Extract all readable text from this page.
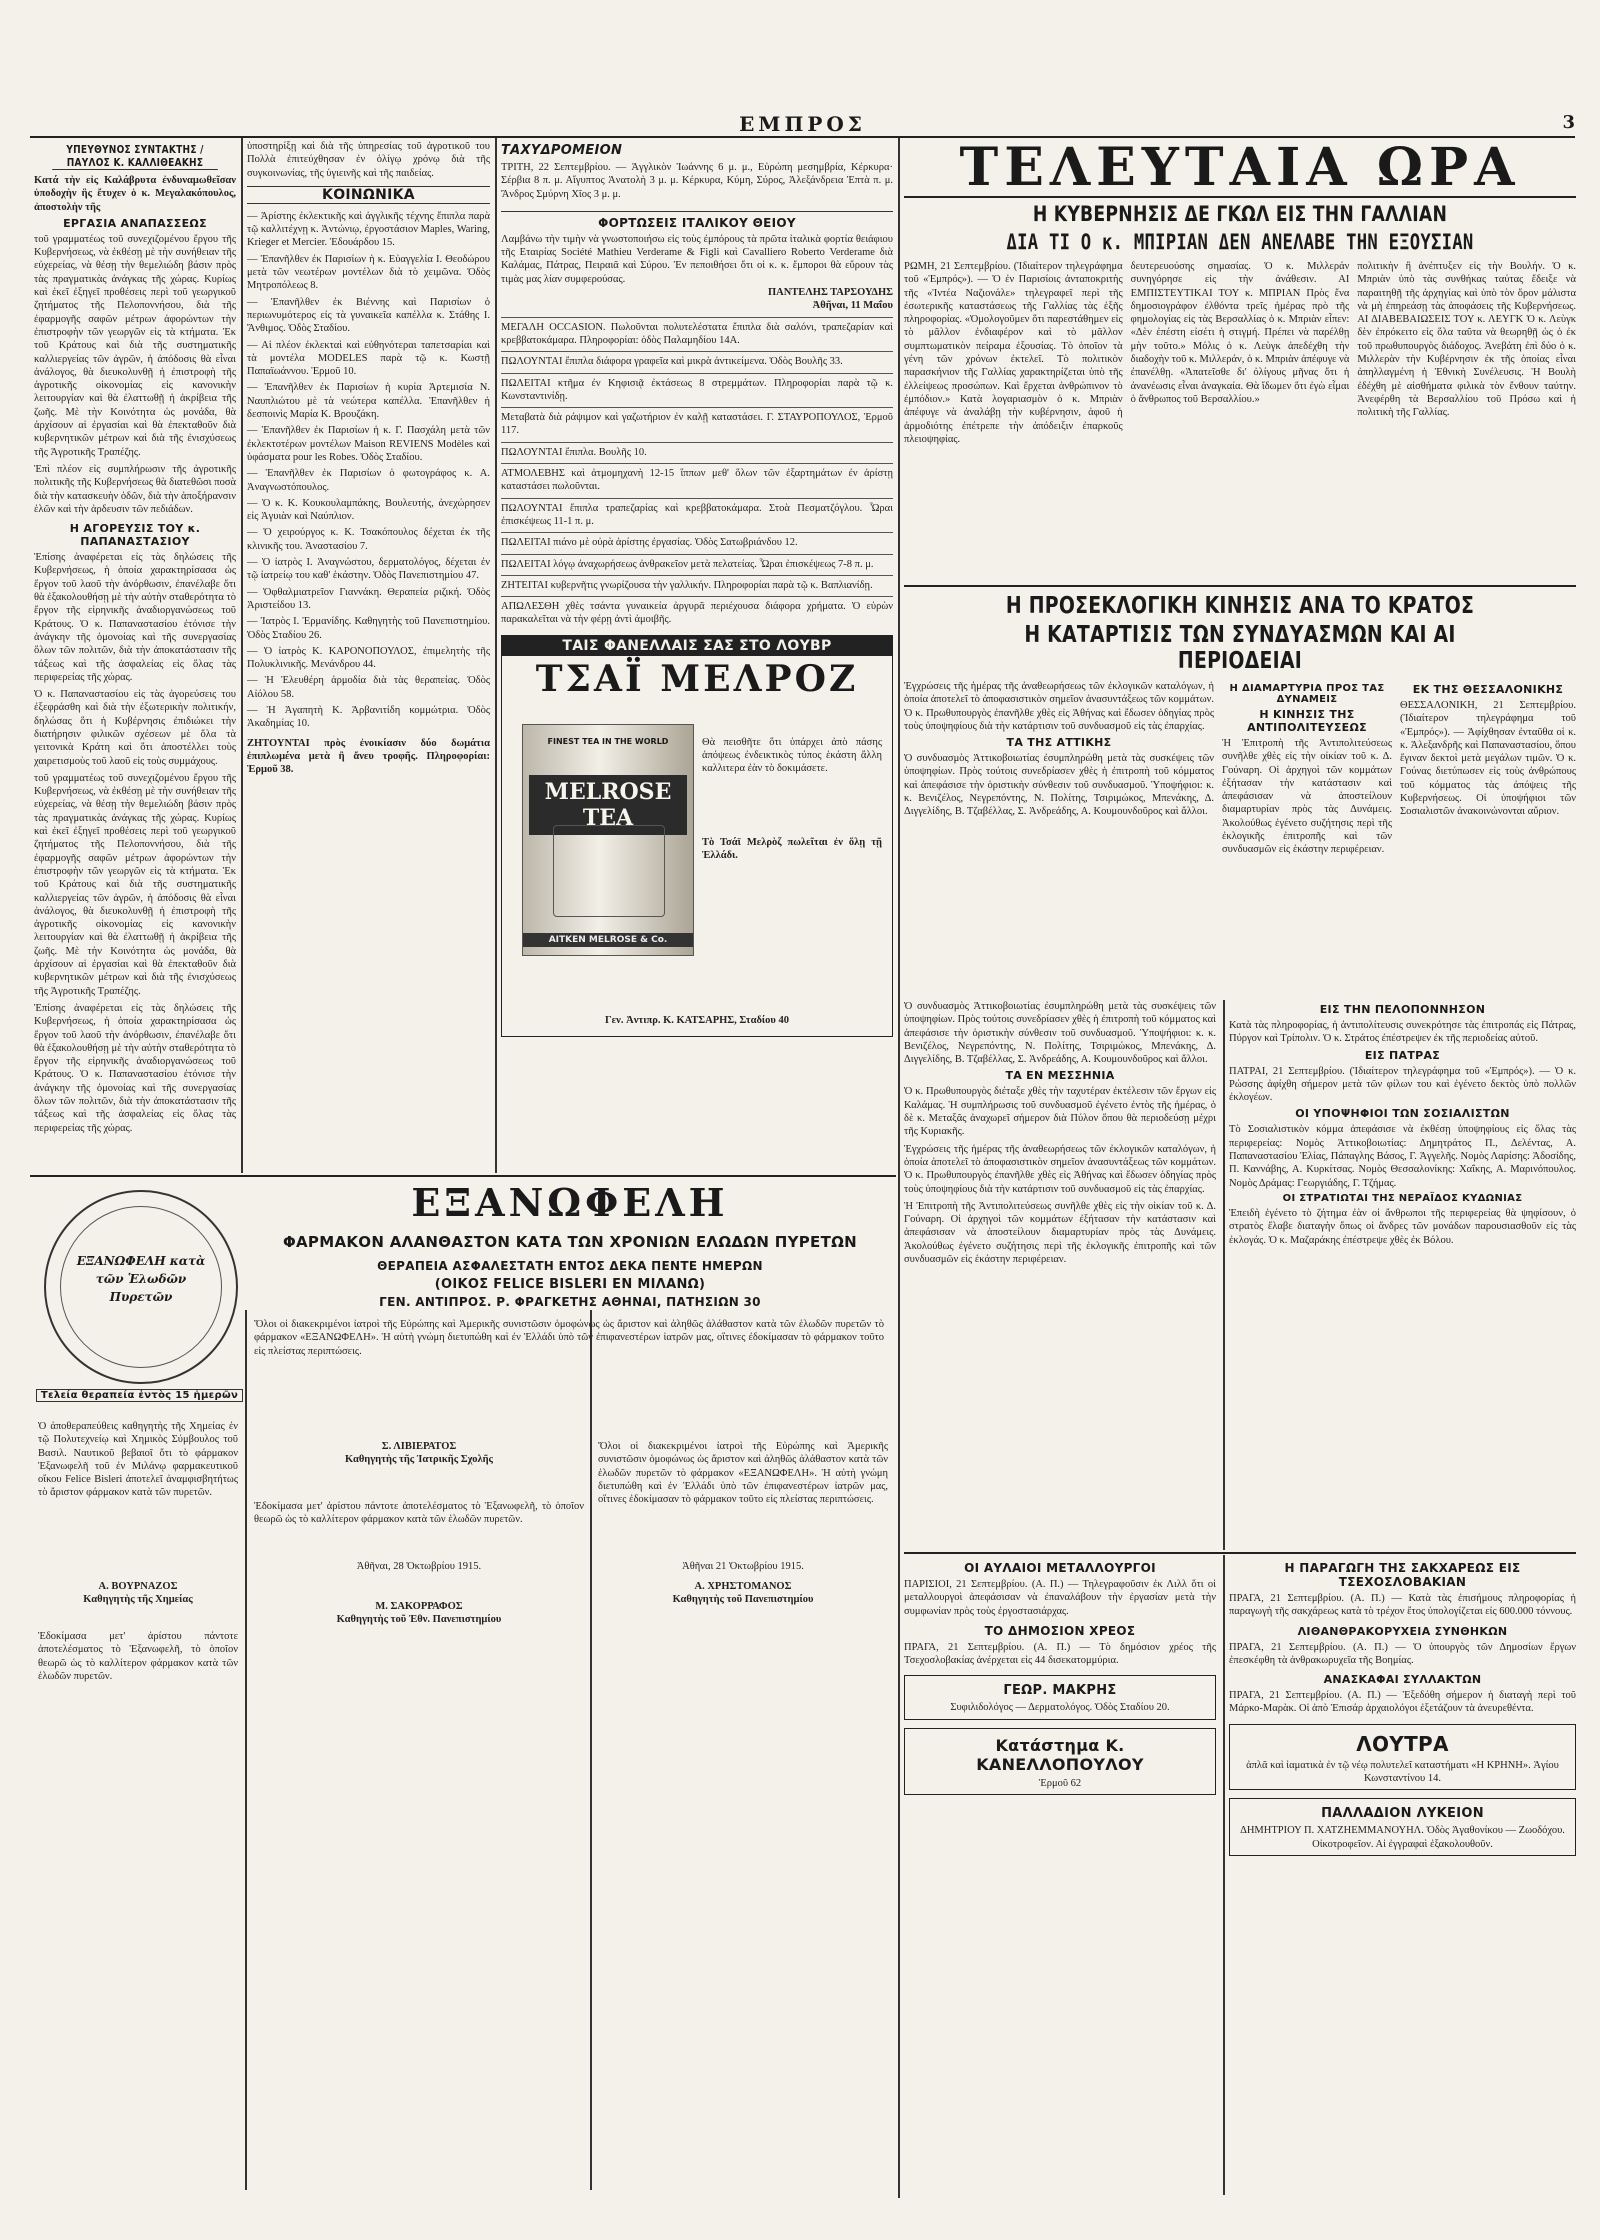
ΕΜΠΡΟΣ	3
ΥΠΕΥΘΥΝΟΣ ΣΥΝΤΑΚΤΗΣ / ΠΑΥΛΟΣ Κ. ΚΑΛΛΙΘΕΑΚΗΣ

Κατά τὴν εἰς Καλάβρυτα ἐνδυναμωθεῖσαν ὑποδοχὴν ἣς ἔτυχεν ὁ κ. Μεγαλακόπουλος, ἀποστολὴν τῆς

ΕΡΓΑΣΙΑ ΑΝΑΠΑΣΣΕΩΣ

τοῦ γραμματέως τοῦ συνεχιζομένου ἔργου τῆς Κυβερνήσεως, νὰ ἐκθέσῃ μὲ τὴν συνήθειαν τῆς εὐχερείας, νὰ θέσῃ τὴν θεμελιώδη βάσιν πρὸς τὰς πραγματικὰς ἀνάγκας τῆς χώρας. Κυρίως καὶ ἐκεῖ ἐξηγεῖ προθέσεις περὶ τοῦ γεωργικοῦ ζητήματος τῆς Πελοποννήσου, διὰ τῆς ἐφαρμογῆς σαφῶν μέτρων ἀφορώντων τὴν ἐπιστροφὴν τῶν γεωργῶν εἰς τὰ κτήματα. Ἐκ τοῦ Κράτους καὶ διὰ τῆς συστηματικῆς καλλιεργείας τῶν ἀγρῶν, ἡ ἀπόδοσις θὰ εἶναι ἀνάλογος, θὰ διευκολυνθῇ ἡ ἐπιστροφὴ τῆς ἀγροτικῆς οἰκονομίας εἰς κανονικὴν λειτουργίαν καὶ θὰ ἐλαττωθῇ ἡ ἀκρίβεια τῆς ζωῆς. Μὲ τὴν Κοινότητα ὡς μονάδα, θὰ ἀρχίσουν αἱ ἐργασίαι καὶ θὰ ἐπεκταθοῦν διὰ κυβερνητικῶν μέτρων καὶ διὰ τῆς ἐνισχύσεως τῆς Ἀγροτικῆς Τραπέζης.

Ἐπὶ πλέον εἰς συμπλήρωσιν τῆς ἀγροτικῆς πολιτικῆς τῆς Κυβερνήσεως θὰ διατεθῶσι ποσὰ διὰ τὴν κατασκευὴν ὁδῶν, διὰ τὴν ἀποξήρανσιν ἑλῶν καὶ τὴν ἀρδευσιν τῶν πεδιάδων.

Η ΑΓΟΡΕΥΣΙΣ ΤΟΥ κ. ΠΑΠΑΝΑΣΤΑΣΙΟΥ

Ἐπίσης ἀναφέρεται εἰς τὰς δηλώσεις τῆς Κυβερνήσεως, ἡ ὁποία χαρακτηρίσασα ὡς ἔργον τοῦ λαοῦ τὴν ἀνόρθωσιν, ἐπανέλαβε ὅτι θὰ ἐξακολουθήσῃ μὲ τὴν αὐτὴν σταθερότητα τὸ ἔργον τῆς εἰρηνικῆς ἀναδιοργανώσεως τοῦ Κράτους. Ὁ κ. Παπαναστασίου ἐτόνισε τὴν ἀνάγκην τῆς ὁμονοίας καὶ τῆς συνεργασίας ὅλων τῶν πολιτῶν, διὰ τὴν ἀποκατάστασιν τῆς τάξεως καὶ τῆς ἀσφαλείας εἰς ὅλας τὰς περιφερείας τῆς χώρας.

Ὁ κ. Παπαναστασίου εἰς τὰς ἀγορεύσεις του ἐξεφράσθη καὶ διὰ τὴν ἐξωτερικὴν πολιτικήν, δηλώσας ὅτι ἡ Κυβέρνησις ἐπιδιώκει τὴν διατήρησιν φιλικῶν σχέσεων μὲ ὅλα τὰ γειτονικὰ Κράτη καὶ ὅτι ἀποστέλλει τοὺς χαιρετισμοὺς τοῦ λαοῦ εἰς τοὺς συμμάχους.

τοῦ γραμματέως τοῦ συνεχιζομένου ἔργου τῆς Κυβερνήσεως, νὰ ἐκθέσῃ μὲ τὴν συνήθειαν τῆς εὐχερείας, νὰ θέσῃ τὴν θεμελιώδη βάσιν πρὸς τὰς πραγματικὰς ἀνάγκας τῆς χώρας. Κυρίως καὶ ἐκεῖ ἐξηγεῖ προθέσεις περὶ τοῦ γεωργικοῦ ζητήματος τῆς Πελοποννήσου, διὰ τῆς ἐφαρμογῆς σαφῶν μέτρων ἀφορώντων τὴν ἐπιστροφὴν τῶν γεωργῶν εἰς τὰ κτήματα. Ἐκ τοῦ Κράτους καὶ διὰ τῆς συστηματικῆς καλλιεργείας τῶν ἀγρῶν, ἡ ἀπόδοσις θὰ εἶναι ἀνάλογος, θὰ διευκολυνθῇ ἡ ἐπιστροφὴ τῆς ἀγροτικῆς οἰκονομίας εἰς κανονικὴν λειτουργίαν καὶ θὰ ἐλαττωθῇ ἡ ἀκρίβεια τῆς ζωῆς. Μὲ τὴν Κοινότητα ὡς μονάδα, θὰ ἀρχίσουν αἱ ἐργασίαι καὶ θὰ ἐπεκταθοῦν διὰ κυβερνητικῶν μέτρων καὶ διὰ τῆς ἐνισχύσεως τῆς Ἀγροτικῆς Τραπέζης.

Ἐπίσης ἀναφέρεται εἰς τὰς δηλώσεις τῆς Κυβερνήσεως, ἡ ὁποία χαρακτηρίσασα ὡς ἔργον τοῦ λαοῦ τὴν ἀνόρθωσιν, ἐπανέλαβε ὅτι θὰ ἐξακολουθήσῃ μὲ τὴν αὐτὴν σταθερότητα τὸ ἔργον τῆς εἰρηνικῆς ἀναδιοργανώσεως τοῦ Κράτους. Ὁ κ. Παπαναστασίου ἐτόνισε τὴν ἀνάγκην τῆς ὁμονοίας καὶ τῆς συνεργασίας ὅλων τῶν πολιτῶν, διὰ τὴν ἀποκατάστασιν τῆς τάξεως καὶ τῆς ἀσφαλείας εἰς ὅλας τὰς περιφερείας τῆς χώρας.

ὑποστηρίξῃ καὶ διὰ τῆς ὑπηρεσίας τοῦ ἀγροτικοῦ του Πολλὰ ἐπιτεύχθησαν ἐν ὁλίγῳ χρόνῳ διὰ τῆς συγκοινωνίας, τῆς ὑγιεινῆς καὶ τῆς παιδείας.

ΚΟΙΝΩΝΙΚΑ

— Ἀρίστης ἐκλεκτικῆς καὶ ἀγγλικῆς τέχνης ἔπιπλα παρὰ τῷ καλλιτέχνῃ κ. Ἀντώνιῳ, ἐργοστάσιον Maples, Waring, Krieger et Mercier. Ἐδουάρδου 15.

— Ἐπανῆλθεν ἐκ Παρισίων ἡ κ. Εὐαγγελία Ι. Θεοδώρου μετὰ τῶν νεωτέρων μοντέλων διὰ τὸ χειμῶνα. Ὁδὸς Μητροπόλεως 8.

— Ἐπανῆλθεν ἐκ Βιέννης καὶ Παρισίων ὁ περιωνυμότερος εἰς τὰ γυναικεῖα καπέλλα κ. Στάθης Ι. Ἄνθιμος. Ὁδὸς Σταδίου.

— Αἱ πλέον ἐκλεκταὶ καὶ εὐθηνότεραι ταπετσαρίαι καὶ τὰ μοντέλα MODELES παρὰ τῷ κ. Κωστῇ Παπαϊωάννου. Ἑρμοῦ 10.

— Ἐπανῆλθεν ἐκ Παρισίων ἡ κυρία Ἀρτεμισία Ν. Ναυπλιώτου μὲ τὰ νεώτερα καπέλλα. Ἐπανῆλθεν ἡ δεσποινὶς Μαρία Κ. Βρουζάκη.

— Ἐπανῆλθεν ἐκ Παρισίων ἡ κ. Γ. Πασχάλη μετὰ τῶν ἐκλεκτοτέρων μοντέλων Maison REVIENS Modèles καὶ ὑφάσματα pour les Robes. Ὁδὸς Σταδίου.

— Ἐπανῆλθεν ἐκ Παρισίων ὁ φωτογράφος κ. Α. Ἀναγνωστόπουλος.

— Ὁ κ. Κ. Κουκουλαμπάκης, Βουλευτής, ἀνεχώρησεν εἰς Ἀγυιὰν καὶ Ναύπλιον.

— Ὁ χειρούργος κ. Κ. Τσακόπουλος δέχεται ἐκ τῆς κλινικῆς του. Ἀναστασίου 7.

— Ὁ ἰατρὸς Ι. Ἀναγνώστου, δερματολόγος, δέχεται ἐν τῷ ἰατρείῳ του καθ' ἑκάστην. Ὁδὸς Πανεπιστημίου 47.

— Ὀφθαλμιατρεῖον Γιαννάκη. Θεραπεία ριζική. Ὁδὸς Ἀριστείδου 13.

— Ἰατρὸς Ι. Ἐρμανίδης. Καθηγητὴς τοῦ Πανεπιστημίου. Ὁδὸς Σταδίου 26.

— Ὁ ἰατρὸς Κ. ΚΑΡΟΝΟΠΟΥΛΟΣ, ἐπιμελητὴς τῆς Πολυκλινικῆς. Μενάνδρου 44.

— Ἡ Ἐλευθέρη ἀρμοδία διὰ τὰς θεραπείας. Ὁδὸς Αἰόλου 58.

— Ἡ Ἀγαπητὴ Κ. Ἀρβανιτίδη κομμώτρια. Ὁδὸς Ἀκαδημίας 10.

ΖΗΤΟΥΝΤΑΙ πρὸς ἐνοικίασιν δύο δωμάτια ἐπιπλωμένα μετὰ ἢ ἄνευ τροφῆς. Πληροφορίαι: Ἑρμοῦ 38.

ΤΑΧΥΔΡΟΜΕΙΟΝ

ΤΡΙΤΗ, 22 Σεπτεμβρίου. — Ἀγγλικὸν Ἰωάννης 6 μ. μ., Εὐρώπη μεσημβρία, Κέρκυρα· Σέρβια 8 π. μ. Αἴγυπτος Ἀνατολὴ 3 μ. μ. Κέρκυρα, Κύμη, Σύρος, Ἀλεξάνδρεια Ἐπτὰ π. μ. Ἄνδρος Σμύρνη Χῖος 3 μ. μ.

ΦΟΡΤΩΣΕΙΣ ΙΤΑΛΙΚΟΥ ΘΕΙΟΥ

Λαμβάνω τὴν τιμὴν νὰ γνωστοποιήσω εἰς τοὺς ἐμπόρους τὰ πρῶτα ἰταλικὰ φορτία θειάφιου τῆς Εταιρίας Société Mathieu Verderame & Figli καὶ Cavalliero Roberto Verderame διὰ Καλάμας, Πάτρας, Πειραιᾶ καὶ Σύρου. Ἐν πεποιθήσει ὅτι οἱ κ. κ. ἔμποροι θὰ εὕρουν τὰς τιμὰς μας λίαν συμφερούσας.

ΠΑΝΤΕΛΗΣ ΤΑΡΣΟΥΔΗΣ
Ἀθῆναι, 11 Μαΐου

ΜΕΓΑΛΗ OCCASION. Πωλοῦνται πολυτελέστατα ἔπιπλα διὰ σαλόνι, τραπεζαρίαν καὶ κρεββατοκάμαρα. Πληροφορίαι: ὁδὸς Παλαμηδίου 14Α.

ΠΩΛΟΥΝΤΑΙ ἔπιπλα διάφορα γραφεῖα καὶ μικρὰ ἀντικείμενα. Ὁδὸς Βουλῆς 33.

ΠΩΛΕΙΤΑΙ κτῆμα ἐν Κηφισιᾷ ἐκτάσεως 8 στρεμμάτων. Πληροφορίαι παρὰ τῷ κ. Κωνσταντινίδῃ.

Μεταβατὰ διὰ ράψιμον καὶ γαζωτήριον ἐν καλῇ καταστάσει. Γ. ΣΤΑΥΡΟΠΟΥΛΟΣ, Ἑρμοῦ 117.

ΠΩΛΟΥΝΤΑΙ ἔπιπλα. Βουλῆς 10.

ΑΤΜΟΛΕΒΗΣ καὶ ἀτμομηχανὴ 12-15 ἵππων μεθ' ὅλων τῶν ἐξαρτημάτων ἐν ἀρίστῃ καταστάσει πωλοῦνται.

ΠΩΛΟΥΝΤΑΙ ἔπιπλα τραπεζαρίας καὶ κρεββατοκάμαρα. Στοὰ Πεσματζόγλου. Ὧραι ἐπισκέψεως 11-1 π. μ.

ΠΩΛΕΙΤΑΙ πιάνο μὲ οὐρὰ ἀρίστης ἐργασίας. Ὁδὸς Σατωβριάνδου 12.

ΠΩΛΕΙΤΑΙ λόγῳ ἀναχωρήσεως ἀνθρακεῖον μετὰ πελατείας. Ὧραι ἐπισκέψεως 7-8 π. μ.

ΖΗΤΕΙΤΑΙ κυβερνῆτις γνωρίζουσα τὴν γαλλικήν. Πληροφορίαι παρὰ τῷ κ. Βαπλιανίδῃ.

ΑΠΩΛΕΣΘΗ χθὲς τσάντα γυναικεία ἀργυρᾶ περιέχουσα διάφορα χρήματα. Ὁ εὑρὼν παρακαλεῖται νὰ τὴν φέρῃ ἀντὶ ἀμοιβῆς.

ΤΑΙΣ ΦΑΝΕΛΛΑΙΣ ΣΑΣ ΣΤΟ ΛΟΥΒΡ
ΤΣΑΪ ΜΕΛΡΟΖ
FINEST TEA IN THE WORLD
MELROSE TEA
AITKEN MELROSE & Co.

Θὰ πεισθῆτε ὅτι ὑπάρχει ἀπὸ πάσης ἀπόψεως ἐνδεικτικὸς τύπος ἑκάστη ἄλλη καλλιτερα ἐὰν τὸ δοκιμάσετε.

Τὸ Τσάϊ Μελρὸζ πωλεῖται ἐν ὅλῃ τῇ Ἑλλάδι.

Γεν. Ἀντιπρ. Κ. ΚΑΤΣΑΡΗΣ, Σταδίου 40

ΤΕΛΕΥΤΑΙΑ ΩΡΑ
Η ΚΥΒΕΡΝΗΣΙΣ ΔΕ ΓΚΩΛ ΕΙΣ ΤΗΝ ΓΑΛΛΙΑΝ
ΔΙΑ ΤΙ Ο κ. ΜΠΙΡΙΑΝ ΔΕΝ ΑΝΕΛΑΒΕ ΤΗΝ ΕΞΟΥΣΙΑΝ

ΡΩΜΗ, 21 Σεπτεμβρίου. (Ἰδιαίτερον τηλεγράφημα τοῦ «Ἐμπρός»). — Ὁ ἐν Παρισίοις ἀνταποκριτὴς τῆς «Ἰντέα Ναζιονάλε» τηλεγραφεῖ περὶ τῆς ἐσωτερικῆς καταστάσεως τῆς Γαλλίας τὰς ἑξῆς πληροφορίας. «Ὁμολογοῦμεν ὅτι παρεστάθημεν εἰς τὸ μᾶλλον ἐνδιαφέρον καὶ τὸ μᾶλλον συμπτωματικὸν πείραμα ἐξουσίας. Τὸ ὁποῖον τὰ γένη τῶν χρόνων ἐκτελεῖ. Τὸ πολιτικὸν παρασκήνιον τῆς Γαλλίας χαρακτηρίζεται ὑπὸ τῆς ἐλλείψεως προσώπων. Καὶ ἔρχεται ἀνθρώπινον τὸ ἐμπόδιον.» Κατὰ λογαριασμὸν ὁ κ. Μπριὰν ἀπέφυγε νὰ ἀναλάβῃ τὴν κυβέρνησιν, ἀφοῦ ἡ ἀρμοδιότης ἐπέτρεπε τὴν ἀπόδειξιν ἐπαρκοῦς πλειοψηφίας.

δευτερευούσης σημασίας. Ὁ κ. Μιλλεράν συνηγόρησε εἰς τὴν ἀνάθεσιν. ΑΙ ΕΜΠΙΣΤΕΥΤΙΚΑΙ ΤΟΥ κ. ΜΠΡΙΑΝ Πρὸς ἕνα δημοσιογράφον ἐλθόντα τρεῖς ἡμέρας πρὸ τῆς φημολογίας εἰς τὰς Βερσαλλίας ὁ κ. Μπριὰν εἶπεν: «Δὲν ἐπέστη εἰσέτι ἡ στιγμή. Πρέπει νὰ παρέλθῃ μὴν τοῦτο.» Μόλις ὁ κ. Λεὺγκ ἀπεδέχθη τὴν διαδοχὴν τοῦ κ. Μιλλεράν, ὁ κ. Μπριὰν ἀπέφυγε νὰ ἐπανέλθῃ. «Ἀπατεῖσθε δι' ὀλίγους μῆνας ὅτι ἡ ἀνανέωσις εἶναι ἀναγκαία. Θὰ ἴδωμεν ὅτι ἐγὼ εἶμαι ὁ ἄνθρωπος τοῦ Βερσαλλίου.»

πολιτικὴν ἢ ἀνέπτυξεν εἰς τὴν Βουλήν. Ὁ κ. Μπριὰν ὑπὸ τὰς συνθήκας ταύτας ἔδειξε νὰ παραιτηθῇ τῆς ἀρχηγίας καὶ ὑπὸ τὸν ὅρον μάλιστα νὰ μὴ ἐπηρεάσῃ τὰς ἀποφάσεις τῆς Κυβερνήσεως. ΑΙ ΔΙΑΒΕΒΑΙΩΣΕΙΣ ΤΟΥ κ. ΛΕΥΓΚ Ὁ κ. Λεὺγκ δὲν ἐπρόκειτο εἰς ὅλα ταῦτα νὰ θεωρηθῇ ὡς ὁ ἐκ τοῦ πρωθυπουργὸς διάδοχος. Ἀνεβάτη ἐπὶ δύο ὁ κ. Μιλλερὰν τὴν Κυβέρνησιν ἐκ τῆς ὁποίας εἶναι ἀπηλλαγμένη ἡ Ἐθνικὴ Συνέλευσις. Ἡ Βουλὴ ἐδέχθη μὲ αἰσθήματα φιλικὰ τὸν ἔνθουν ταύτην. Ἀνεφέρθη τὰ Βερσαλλίου τοῦ Πρόσω καὶ ἡ πολιτικὴ τῆς Γαλλίας.

Η ΠΡΟΣΕΚΛΟΓΙΚΗ ΚΙΝΗΣΙΣ ΑΝΑ ΤΟ ΚΡΑΤΟΣ
Η ΚΑΤΑΡΤΙΣΙΣ ΤΩΝ ΣΥΝΔΥΑΣΜΩΝ ΚΑΙ ΑΙ ΠΕΡΙΟΔΕΙΑΙ

Ἐγχρώσεις τῆς ἡμέρας τῆς ἀναθεωρήσεως τῶν ἐκλογικῶν καταλόγων, ἡ ὁποία ἀποτελεῖ τὸ ἀποφασιστικὸν σημεῖον ἀνασυντάξεως τῶν κομμάτων. Ὁ κ. Πρωθυπουργὸς ἐπανῆλθε χθὲς εἰς Ἀθήνας καὶ ἔδωσεν ὁδηγίας πρὸς τοὺς ὑποψηφίους διὰ τὴν κατάρτισιν τοῦ συνδυασμοῦ εἰς τὰς ἐπαρχίας.

ΤΑ ΤΗΣ ΑΤΤΙΚΗΣ

Ὁ συνδυασμὸς Ἀττικοβοιωτίας ἐσυμπληρώθη μετὰ τὰς συσκέψεις τῶν ὑποψηφίων. Πρὸς τούτοις συνεδρίασεν χθὲς ἡ ἐπιτροπὴ τοῦ κόμματος καὶ ἀπεφάσισε τὴν ὁριστικὴν σύνθεσιν τοῦ συνδυασμοῦ. Ὑποψήφιοι: κ. κ. Βενιζέλος, Νεγρεπόντης, Ν. Πολίτης, Τσιριμώκος, Μπενάκης, Δ. Διγγελίδης, Β. Τζαβέλλας, Σ. Ἀνδρεάδης, Α. Κουμουνδοῦρος καὶ ἄλλοι.

Η ΔΙΑΜΑΡΤΥΡΙΑ ΠΡΟΣ ΤΑΣ ΔΥΝΑΜΕΙΣ
Η ΚΙΝΗΣΙΣ ΤΗΣ ΑΝΤΙΠΟΛΙΤΕΥΣΕΩΣ

Ἡ Ἐπιτροπὴ τῆς Ἀντιπολιτεύσεως συνῆλθε χθὲς εἰς τὴν οἰκίαν τοῦ κ. Δ. Γούναρη. Οἱ ἀρχηγοὶ τῶν κομμάτων ἐξήτασαν τὴν κατάστασιν καὶ ἀπεφάσισαν νὰ ἀποστείλουν διαμαρτυρίαν πρὸς τὰς Δυνάμεις. Ἀκολούθως ἐγένετο συζήτησις περὶ τῆς ἐκλογικῆς ἐπιτροπῆς καὶ τῶν συνδυασμῶν εἰς ἑκάστην περιφέρειαν.

ΕΚ ΤΗΣ ΘΕΣΣΑΛΟΝΙΚΗΣ

ΘΕΣΣΑΛΟΝΙΚΗ, 21 Σεπτεμβρίου. (Ἰδιαίτερον τηλεγράφημα τοῦ «Ἐμπρός»). — Ἀφίχθησαν ἐνταῦθα οἱ κ. κ. Ἀλεξανδρῆς καὶ Παπαναστασίου, ὅπου ἔγιναν δεκτοὶ μετὰ μεγάλων τιμῶν. Ὁ κ. Γούνας διετύπωσεν εἰς τοὺς ἀνθρώπους τοῦ κόμματος τὰς ἀπόψεις τῆς Κυβερνήσεως. Οἱ ὑποψήφιοι τῶν Σοσιαλιστῶν ἀνακοινώνονται αὔριον.

Ὁ συνδυασμὸς Ἀττικοβοιωτίας ἐσυμπληρώθη μετὰ τὰς συσκέψεις τῶν ὑποψηφίων. Πρὸς τούτοις συνεδρίασεν χθὲς ἡ ἐπιτροπὴ τοῦ κόμματος καὶ ἀπεφάσισε τὴν ὁριστικὴν σύνθεσιν τοῦ συνδυασμοῦ. Ὑποψήφιοι: κ. κ. Βενιζέλος, Νεγρεπόντης, Ν. Πολίτης, Τσιριμώκος, Μπενάκης, Δ. Διγγελίδης, Β. Τζαβέλλας, Σ. Ἀνδρεάδης, Α. Κουμουνδοῦρος καὶ ἄλλοι.

ΤΑ ΕΝ ΜΕΣΣΗΝΙΑ

Ὁ κ. Πρωθυπουργὸς διέταξε χθὲς τὴν ταχυτέραν ἐκτέλεσιν τῶν ἔργων εἰς Καλάμας. Ἡ συμπλήρωσις τοῦ συνδυασμοῦ ἐγένετο ἐντὸς τῆς ἡμέρας, ὁ δὲ κ. Μεταξᾶς ἀναχωρεῖ σήμερον διὰ Πύλον ὅπου θὰ περιοδεύσῃ μέχρι τῆς Κυριακῆς.

Ἐγχρώσεις τῆς ἡμέρας τῆς ἀναθεωρήσεως τῶν ἐκλογικῶν καταλόγων, ἡ ὁποία ἀποτελεῖ τὸ ἀποφασιστικὸν σημεῖον ἀνασυντάξεως τῶν κομμάτων. Ὁ κ. Πρωθυπουργὸς ἐπανῆλθε χθὲς εἰς Ἀθήνας καὶ ἔδωσεν ὁδηγίας πρὸς τοὺς ὑποψηφίους διὰ τὴν κατάρτισιν τοῦ συνδυασμοῦ εἰς τὰς ἐπαρχίας.

Ἡ Ἐπιτροπὴ τῆς Ἀντιπολιτεύσεως συνῆλθε χθὲς εἰς τὴν οἰκίαν τοῦ κ. Δ. Γούναρη. Οἱ ἀρχηγοὶ τῶν κομμάτων ἐξήτασαν τὴν κατάστασιν καὶ ἀπεφάσισαν νὰ ἀποστείλουν διαμαρτυρίαν πρὸς τὰς Δυνάμεις. Ἀκολούθως ἐγένετο συζήτησις περὶ τῆς ἐκλογικῆς ἐπιτροπῆς καὶ τῶν συνδυασμῶν εἰς ἑκάστην περιφέρειαν.

ΕΙΣ ΤΗΝ ΠΕΛΟΠΟΝΝΗΣΟΝ

Κατὰ τὰς πληροφορίας, ἡ ἀντιπολίτευσις συνεκρότησε τὰς ἐπιτροπάς εἰς Πάτρας, Πύργον καὶ Τρίπολιν. Ὁ κ. Στράτος ἐπέστρεψεν ἐκ τῆς περιοδείας αὐτοῦ.

ΕΙΣ ΠΑΤΡΑΣ

ΠΑΤΡΑΙ, 21 Σεπτεμβρίου. (Ἰδιαίτερον τηλεγράφημα τοῦ «Ἐμπρός»). — Ὁ κ. Ρώσσης ἀφίχθη σήμερον μετὰ τῶν φίλων του καὶ ἐγένετο δεκτὸς ὑπὸ πολλῶν ἐκλογέων.

ΟΙ ΥΠΟΨΗΦΙΟΙ ΤΩΝ ΣΟΣΙΑΛΙΣΤΩΝ

Τὸ Σοσιαλιστικὸν κόμμα ἀπεφάσισε νὰ ἐκθέσῃ ὑποψηφίους εἰς ὅλας τὰς περιφερείας: Νομὸς Ἀττικοβοιωτίας: Δημητράτος Π., Δελέντας, Α. Παπαναστασίου Ἐλίας, Πάπαγλης Βάσος, Γ. Ἀγγελῆς. Νομὸς Λαρίσης: Ἀδοσίδης, Π. Καννάβης, Α. Κυρκίτσας. Νομὸς Θεσσαλονίκης: Χαΐκης, Α. Μαρινόπουλος. Νομὸς Δράμας: Γεωργιάδης, Γ. Τζήμας.

ΟΙ ΣΤΡΑΤΙΩΤΑΙ ΤΗΣ ΝΕΡΑΪΔΟΣ ΚΥΔΩΝΙΑΣ

Ἐπειδὴ ἐγένετο τὸ ζήτημα ἐὰν οἱ ἄνθρωποι τῆς περιφερείας θὰ ψηφίσουν, ὁ στρατὸς ἔλαβε διαταγὴν ὅπως οἱ ἄνδρες τῶν μονάδων παρουσιασθοῦν εἰς τὰς ἐκλογάς. Ὁ κ. Μαζαράκης ἐπέστρεψε χθὲς ἐκ Βόλου.

ΕΞΑΝΩΦΕΛΗ κατὰ τῶν Ἑλωδῶν Πυρετῶν
Τελεία θεραπεία ἐντὸς 15 ἡμερῶν
ΕΞΑΝΩΦΕΛΗ
ΦΑΡΜΑΚΟΝ ΑΛΑΝΘΑΣΤΟΝ ΚΑΤΑ ΤΩΝ ΧΡΟΝΙΩΝ ΕΛΩΔΩΝ ΠΥΡΕΤΩΝ
ΘΕΡΑΠΕΙΑ ΑΣΦΑΛΕΣΤΑΤΗ ΕΝΤΟΣ ΔΕΚΑ ΠΕΝΤΕ ΗΜΕΡΩΝ
(ΟΙΚΟΣ FELICE BISLERI ΕΝ ΜΙΛΑΝΩ)
ΓΕΝ. ΑΝΤΙΠΡΟΣ. Ρ. ΦΡΑΓΚΕΤΗΣ ΑΘΗΝΑΙ, ΠΑΤΗΣΙΩΝ 30

Ὁ ἀποθεραπεύθεις καθηγητὴς τῆς Χημείας ἐν τῷ Πολυτεχνείῳ καὶ Χημικὸς Σύμβουλος τοῦ Βασιλ. Ναυτικοῦ βεβαιοῖ ὅτι τὸ φάρμακον Ἐξανωφελῆ τοῦ ἐν Μιλάνῳ φαρμακευτικοῦ οἴκου Felice Bisleri ἀποτελεῖ ἀναμφισβητήτως τὸ ἄριστον φάρμακον κατὰ τῶν πυρετῶν.

Α. ΒΟΥΡΝΑΖΟΣ
Καθηγητὴς τῆς Χημείας

Ἐδοκίμασα μετ' ἀρίστου πάντοτε ἀποτελέσματος τὸ Ἐξανωφελῆ, τὸ ὁποῖον θεωρῶ ὡς τὸ καλλίτερον φάρμακον κατὰ τῶν ἑλωδῶν πυρετῶν.

Ὅλοι οἱ διακεκριμένοι ἰατροὶ τῆς Εὐρώπης καὶ Ἀμερικῆς συνιστῶσιν ὁμοφώνως ὡς ἄριστον καὶ ἀληθῶς ἀλάθαστον κατὰ τῶν ἑλωδῶν πυρετῶν τὸ φάρμακον «ΕΞΑΝΩΦΕΛΗ». Ἡ αὐτὴ γνώμη διετυπώθη καὶ ἐν Ἑλλάδι ὑπὸ τῶν ἐπιφανεστέρων ἰατρῶν μας, οἵτινες ἐδοκίμασαν τὸ φάρμακον τοῦτο εἰς πλείστας περιπτώσεις.

Σ. ΛΙΒΙΕΡΑΤΟΣ
Καθηγητὴς τῆς Ἰατρικῆς Σχολῆς

Ἐδοκίμασα μετ' ἀρίστου πάντοτε ἀποτελέσματος τὸ Ἐξανωφελῆ, τὸ ὁποῖον θεωρῶ ὡς τὸ καλλίτερον φάρμακον κατὰ τῶν ἑλωδῶν πυρετῶν.

Ἀθῆναι, 28 Ὀκτωβρίου 1915.

Μ. ΣΑΚΟΡΡΑΦΟΣ
Καθηγητὴς τοῦ Ἐθν. Πανεπιστημίου

Ὅλοι οἱ διακεκριμένοι ἰατροὶ τῆς Εὐρώπης καὶ Ἀμερικῆς συνιστῶσιν ὁμοφώνως ὡς ἄριστον καὶ ἀληθῶς ἀλάθαστον κατὰ τῶν ἑλωδῶν πυρετῶν τὸ φάρμακον «ΕΞΑΝΩΦΕΛΗ». Ἡ αὐτὴ γνώμη διετυπώθη καὶ ἐν Ἑλλάδι ὑπὸ τῶν ἐπιφανεστέρων ἰατρῶν μας, οἵτινες ἐδοκίμασαν τὸ φάρμακον τοῦτο εἰς πλείστας περιπτώσεις.

Ἀθῆναι 21 Ὀκτωβρίου 1915.

Α. ΧΡΗΣΤΟΜΑΝΟΣ
Καθηγητὴς τοῦ Πανεπιστημίου

ΟΙ ΑΥΛΑΙΟΙ ΜΕΤΑΛΛΟΥΡΓΟΙ

ΠΑΡΙΣΙΟΙ, 21 Σεπτεμβρίου. (Α. Π.) — Τηλεγραφοῦσιν ἐκ Λιλλ ὅτι οἱ μεταλλουργοὶ ἀπεφάσισαν νὰ ἐπαναλάβουν τὴν ἐργασίαν μετὰ τὴν συμφωνίαν πρὸς τοὺς ἐργοστασιάρχας.

ΤΟ ΔΗΜΟΣΙΟΝ ΧΡΕΟΣ

ΠΡΑΓΑ, 21 Σεπτεμβρίου. (Α. Π.) — Τὸ δημόσιον χρέος τῆς Τσεχοσλοβακίας ἀνέρχεται εἰς 44 δισεκατομμύρια.

ΓΕΩΡ. ΜΑΚΡΗΣ

Συφιλιδολόγος — Δερματολόγος. Ὁδὸς Σταδίου 20.

Κατάστημα Κ. ΚΑΝΕΛΛΟΠΟΥΛΟΥ

Ἑρμοῦ 62

Η ΠΑΡΑΓΩΓΗ ΤΗΣ ΣΑΚΧΑΡΕΩΣ ΕΙΣ ΤΣΕΧΟΣΛΟΒΑΚΙΑΝ

ΠΡΑΓΑ, 21 Σεπτεμβρίου. (Α. Π.) — Κατὰ τὰς ἐπισήμους πληροφορίας ἡ παραγωγὴ τῆς σακχάρεως κατὰ τὸ τρέχον ἔτος ὑπολογίζεται εἰς 600.000 τόννους.

ΛΙΘΑΝΘΡΑΚΟΡΥΧΕΙΑ ΣΥΝΘΗΚΩΝ

ΠΡΑΓΑ, 21 Σεπτεμβρίου. (Α. Π.) — Ὁ ὑπουργὸς τῶν Δημοσίων ἔργων ἐπεσκέφθη τὰ ἀνθρακωρυχεῖα τῆς Βοημίας.

ΑΝΑΣΚΑΦΑΙ ΣΥΛΛΑΚΤΩΝ

ΠΡΑΓΑ, 21 Σεπτεμβρίου. (Α. Π.) — Ἐξεδόθη σήμερον ἡ διαταγὴ περὶ τοῦ Μάρκο-Μαρὰκ. Οἱ ἀπὸ Ἐπισάρ ἀρχαιολόγοι ἐξετάζουν τὰ ἀνευρεθέντα.

ΛΟΥΤΡΑ

ἀπλᾶ καὶ ἰαματικὰ ἐν τῷ νέῳ πολυτελεῖ καταστήματι «Η ΚΡΗΝΗ». Ἁγίου Κωνσταντίνου 14.

ΠΑΛΛΑΔΙΟΝ ΛΥΚΕΙΟΝ

ΔΗΜΗΤΡΙΟΥ Π. ΧΑΤΖΗΕΜΜΑΝΟΥΗΛ. Ὁδὸς Ἀγαθονίκου — Ζωοδόχου. Οἰκοτροφεῖον. Αἱ ἐγγραφαὶ ἐξακολουθοῦν.
